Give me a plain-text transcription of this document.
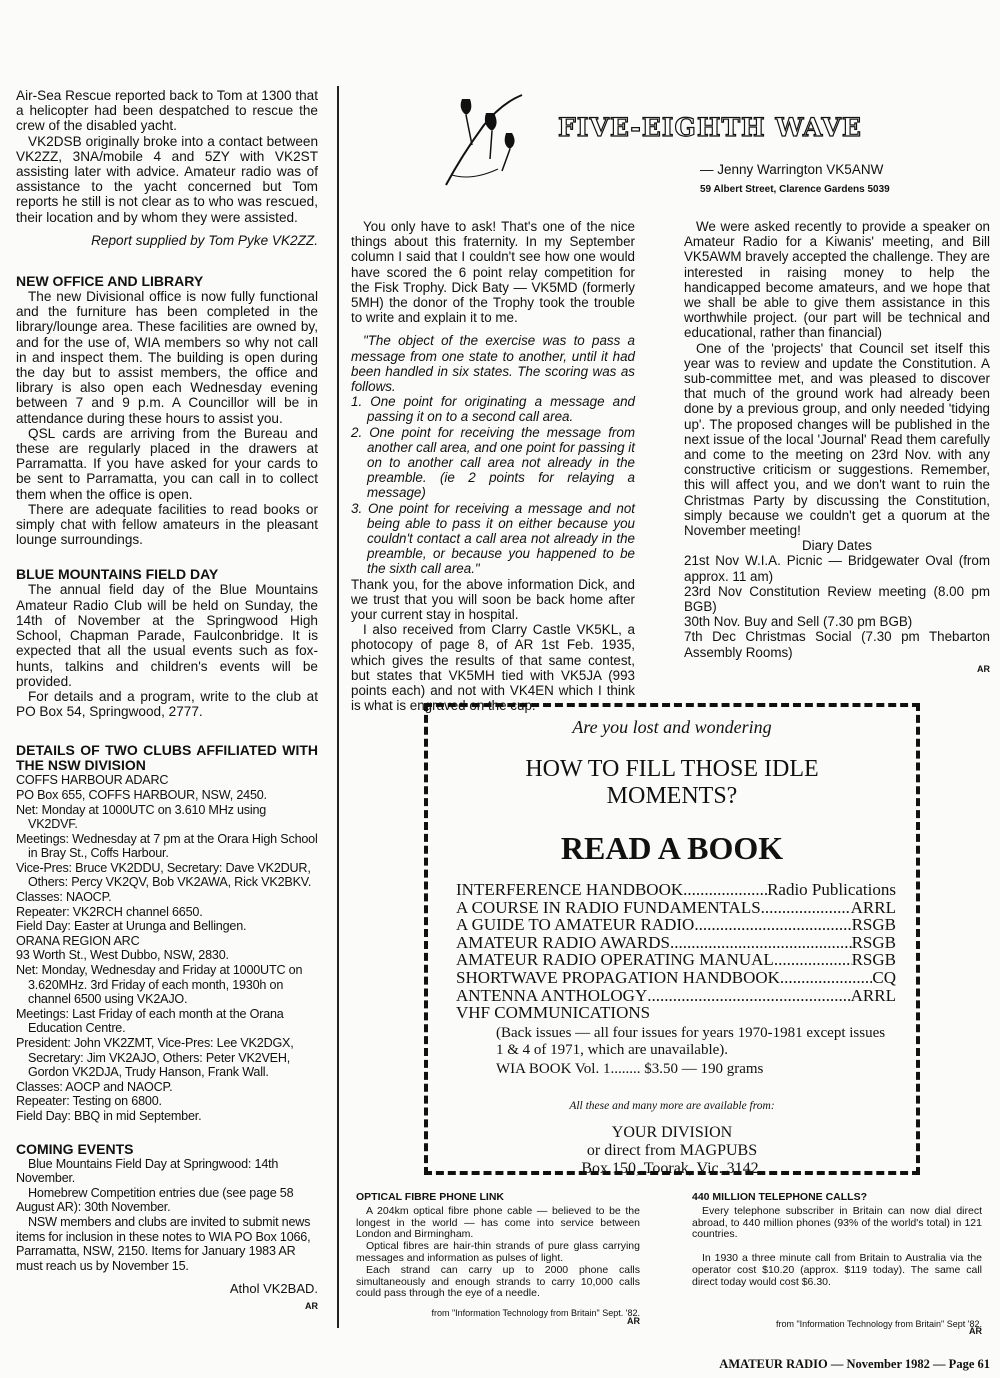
Air-Sea Rescue reported back to Tom at 1300 that a helicopter had been despatched to rescue the crew of the disabled yacht.

VK2DSB originally broke into a contact between VK2ZZ, 3NA/mobile 4 and 5ZY with VK2ST assisting later with advice. Amateur radio was of assistance to the yacht concerned but Tom reports he still is not clear as to who was rescued, their location and by whom they were assisted.

Report supplied by Tom Pyke VK2ZZ.

NEW OFFICE AND LIBRARY

The new Divisional office is now fully functional and the furniture has been completed in the library/lounge area. These facilities are owned by, and for the use of, WIA members so why not call in and inspect them. The building is open during the day but to assist members, the office and library is also open each Wednesday evening between 7 and 9 p.m. A Councillor will be in attendance during these hours to assist you.

QSL cards are arriving from the Bureau and these are regularly placed in the drawers at Parramatta. If you have asked for your cards to be sent to Parramatta, you can call in to collect them when the office is open.

There are adequate facilities to read books or simply chat with fellow amateurs in the pleasant lounge surroundings.

BLUE MOUNTAINS FIELD DAY

The annual field day of the Blue Mountains Amateur Radio Club will be held on Sunday, the 14th of November at the Springwood High School, Chapman Parade, Faulconbridge. It is expected that all the usual events such as fox-hunts, talkins and children's events will be provided.

For details and a program, write to the club at PO Box 54, Springwood, 2777.

DETAILS OF TWO CLUBS AFFILIATED WITH THE NSW DIVISION

COFFS HARBOUR ADARC

PO Box 655, COFFS HARBOUR, NSW, 2450.

Net: Monday at 1000UTC on 3.610 MHz using VK2DVF.

Meetings: Wednesday at 7 pm at the Orara High School in Bray St., Coffs Harbour.

Vice-Pres: Bruce VK2DDU, Secretary: Dave VK2DUR, Others: Percy VK2QV, Bob VK2AWA, Rick VK2BKV.

Classes: NAOCP.

Repeater: VK2RCH channel 6650.

Field Day: Easter at Urunga and Bellingen.

ORANA REGION ARC

93 Worth St., West Dubbo, NSW, 2830.

Net: Monday, Wednesday and Friday at 1000UTC on 3.620MHz. 3rd Friday of each month, 1930h on channel 6500 using VK2AJO.

Meetings: Last Friday of each month at the Orana Education Centre.

President: John VK2ZMT, Vice-Pres: Lee VK2DGX, Secretary: Jim VK2AJO, Others: Peter VK2VEH, Gordon VK2DJA, Trudy Hanson, Frank Wall.

Classes: AOCP and NAOCP.

Repeater: Testing on 6800.

Field Day: BBQ in mid September.

COMING EVENTS

Blue Mountains Field Day at Springwood: 14th November.

Homebrew Competition entries due (see page 58 August AR): 30th November.

NSW members and clubs are invited to submit news items for inclusion in these notes to WIA PO Box 1066, Parramatta, NSW, 2150. Items for January 1983 AR must reach us by November 15.

Athol VK2BAD.
AR
FIVE-EIGHTH WAVE
— Jenny Warrington VK5ANW
59 Albert Street, Clarence Gardens 5039

You only have to ask! That's one of the nice things about this fraternity. In my September column I said that I couldn't see how one would have scored the 6 point relay competition for the Fisk Trophy. Dick Baty — VK5MD (formerly 5MH) the donor of the Trophy took the trouble to write and explain it to me.

"The object of the exercise was to pass a message from one state to another, until it had been handled in six states. The scoring was as follows.

1. One point for originating a message and passing it on to a second call area.

2. One point for receiving the message from another call area, and one point for passing it on to another call area not already in the preamble. (ie 2 points for relaying a message)

3. One point for receiving a message and not being able to pass it on either because you couldn't contact a call area not already in the preamble, or because you happened to be the sixth call area."

Thank you, for the above information Dick, and we trust that you will soon be back home after your current stay in hospital.

I also received from Clarry Castle VK5KL, a photocopy of page 8, of AR 1st Feb. 1935, which gives the results of that same contest, but states that VK5MH tied with VK5JA (993 points each) and not with VK4EN which I think is what is engraved on the cup.

We were asked recently to provide a speaker on Amateur Radio for a Kiwanis' meeting, and Bill VK5AWM bravely accepted the challenge. They are interested in raising money to help the handicapped become amateurs, and we hope that we shall be able to give them assistance in this worthwhile project. (our part will be technical and educational, rather than financial)

One of the 'projects' that Council set itself this year was to review and update the Constitution. A sub-committee met, and was pleased to discover that much of the ground work had already been done by a previous group, and only needed 'tidying up'. The proposed changes will be published in the next issue of the local 'Journal' Read them carefully and come to the meeting on 23rd Nov. with any constructive criticism or suggestions. Remember, this will affect you, and we don't want to ruin the Christmas Party by discussing the Constitution, simply because we couldn't get a quorum at the November meeting!

Diary Dates
21st Nov W.I.A. Picnic — Bridgewater Oval (from approx. 11 am)
23rd Nov Constitution Review meeting (8.00 pm BGB)
30th Nov. Buy and Sell (7.30 pm BGB)
7th Dec Christmas Social (7.30 pm Thebarton Assembly Rooms)
AR
Are you lost and wondering
HOW TO FILL THOSE IDLE MOMENTS?
READ A BOOK
INTERFERENCE HANDBOOK .....	Radio Publications
A COURSE IN RADIO FUNDAMENTALS .....	ARRL
A GUIDE TO AMATEUR RADIO .....	RSGB
AMATEUR RADIO AWARDS .....	RSGB
AMATEUR RADIO OPERATING MANUAL .....	RSGB
SHORTWAVE PROPAGATION HANDBOOK .....	CQ
ANTENNA ANTHOLOGY .....	ARRL
VHF COMMUNICATIONS
(Back issues — all four issues for years 1970-1981 except issues 1 & 4 of 1971, which are unavailable).
WIA BOOK Vol. 1........ $3.50 — 190 grams
All these and many more are available from:
YOUR DIVISION
or direct from MAGPUBS
Box 150, Toorak, Vic. 3142.
OPTICAL FIBRE PHONE LINK

A 204km optical fibre phone cable — believed to be the longest in the world — has come into service between London and Birmingham.

Optical fibres are hair-thin strands of pure glass carrying messages and information as pulses of light.

Each strand can carry up to 2000 phone calls simultaneously and enough strands to carry 10,000 calls could pass through the eye of a needle.

from "Information Technology from Britain" Sept. '82.
AR
440 MILLION TELEPHONE CALLS?

Every telephone subscriber in Britain can now dial direct abroad, to 440 million phones (93% of the world's total) in 121 countries.

In 1930 a three minute call from Britain to Australia via the operator cost $10.20 (approx. $119 today). The same call direct today would cost $6.30.

from "Information Technology from Britain" Sept '82.
AR
AMATEUR RADIO — November 1982 — Page 61
